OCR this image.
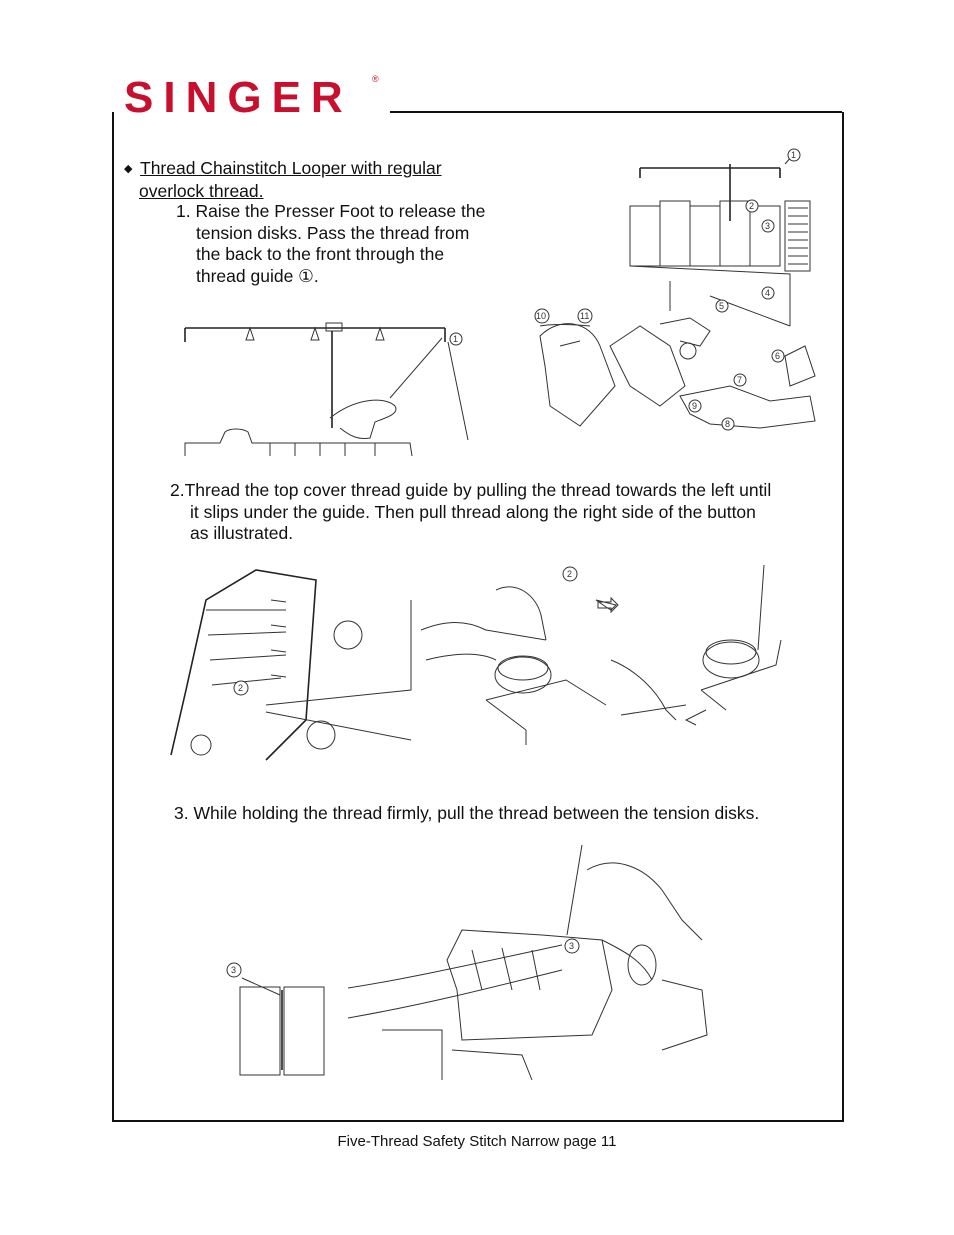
SINGER ®
◆ Thread Chainstitch Looper with regular
overlock thread.
1. Raise the Presser Foot to release the

tension disks. Pass the thread from
the back to the front through the
thread guide ①.
1
1
2
3
4
5
6
7
8
9
10	11
2.Thread the top cover thread guide by pulling the thread towards the left until

it slips under the guide. Then pull thread along the right side of the button
as illustrated.
2
2
3. While holding the thread firmly, pull the thread between the tension disks.
3
3
Five-Thread Safety Stitch Narrow page 11
